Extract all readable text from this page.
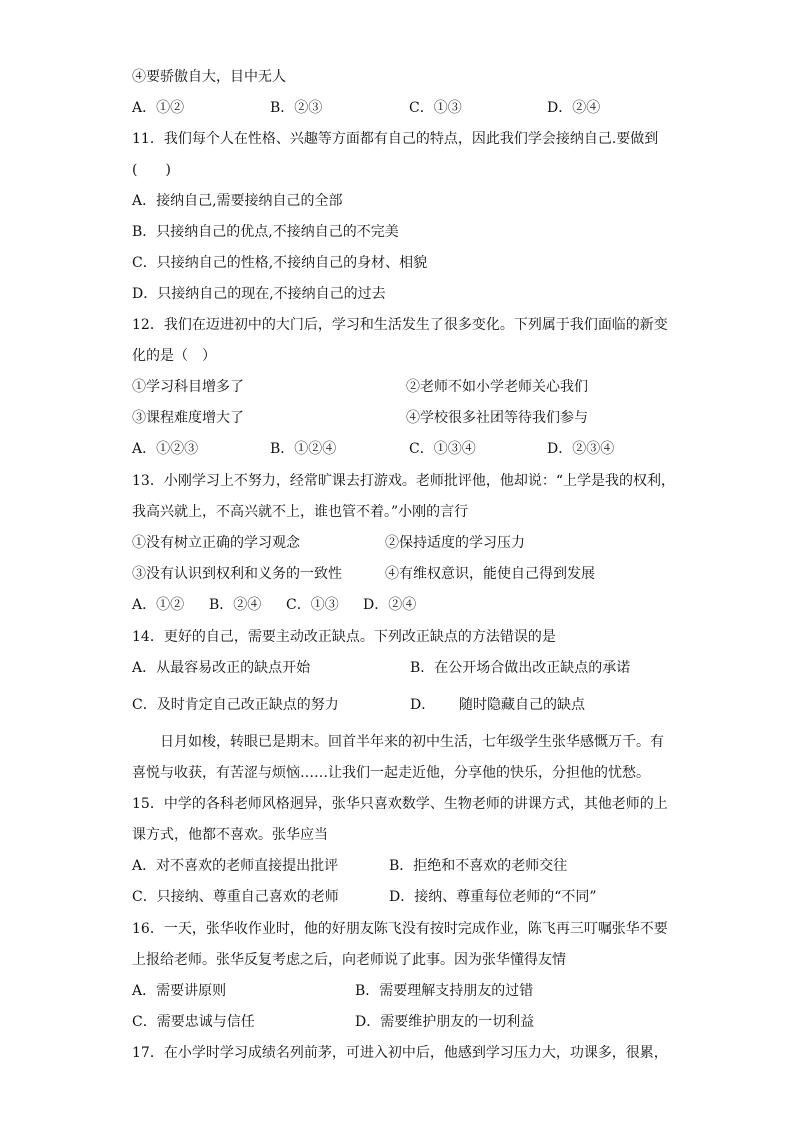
④要骄傲自大，目中无人
A．①②	B．②③	C．①③	D．②④
11．我们每个人在性格、兴趣等方面都有自己的特点，因此我们学会接纳自己.要做到
(　　)
A．接纳自己,需要接纳自己的全部
B．只接纳自己的优点,不接纳自己的不完美
C．只接纳自己的性格,不接纳自己的身材、相貌
D．只接纳自己的现在,不接纳自己的过去
12．我们在迈进初中的大门后，学习和生活发生了很多变化。下列属于我们面临的新变
化的是（　）
①学习科目增多了	②老师不如小学老师关心我们
③课程难度增大了	④学校很多社团等待我们参与
A．①②③	B．①②④	C．①③④	D．②③④
13．小刚学习上不努力，经常旷课去打游戏。老师批评他，他却说：“上学是我的权利，
我高兴就上，不高兴就不上，谁也管不着。”小刚的言行
①没有树立正确的学习观念	②保持适度的学习压力
③没有认识到权利和义务的一致性	④有维权意识，能使自己得到发展
A．①② B．②④ C．①③ D．②④
14．更好的自己，需要主动改正缺点。下列改正缺点的方法错误的是
A．从最容易改正的缺点开始	B．在公开场合做出改正缺点的承诺
C．及时肯定自己改正缺点的努力	D． 随时隐藏自己的缺点
日月如梭，转眼已是期末。回首半年来的初中生活，七年级学生张华感慨万千。有
喜悦与收获，有苦涩与烦恼……让我们一起走近他，分享他的快乐，分担他的忧愁。
15．中学的各科老师风格迥异，张华只喜欢数学、生物老师的讲课方式，其他老师的上
课方式，他都不喜欢。张华应当
A．对不喜欢的老师直接提出批评	B．拒绝和不喜欢的老师交往
C．只接纳、尊重自己喜欢的老师	D．接纳、尊重每位老师的“不同”
16．一天，张华收作业时，他的好朋友陈飞没有按时完成作业，陈飞再三叮嘱张华不要
上报给老师。张华反复考虑之后，向老师说了此事。因为张华懂得友情
A．需要讲原则	B．需要理解支持朋友的过错
C．需要忠诚与信任	D．需要维护朋友的一切利益
17．在小学时学习成绩名列前茅，可进入初中后，他感到学习压力大，功课多，很累，
